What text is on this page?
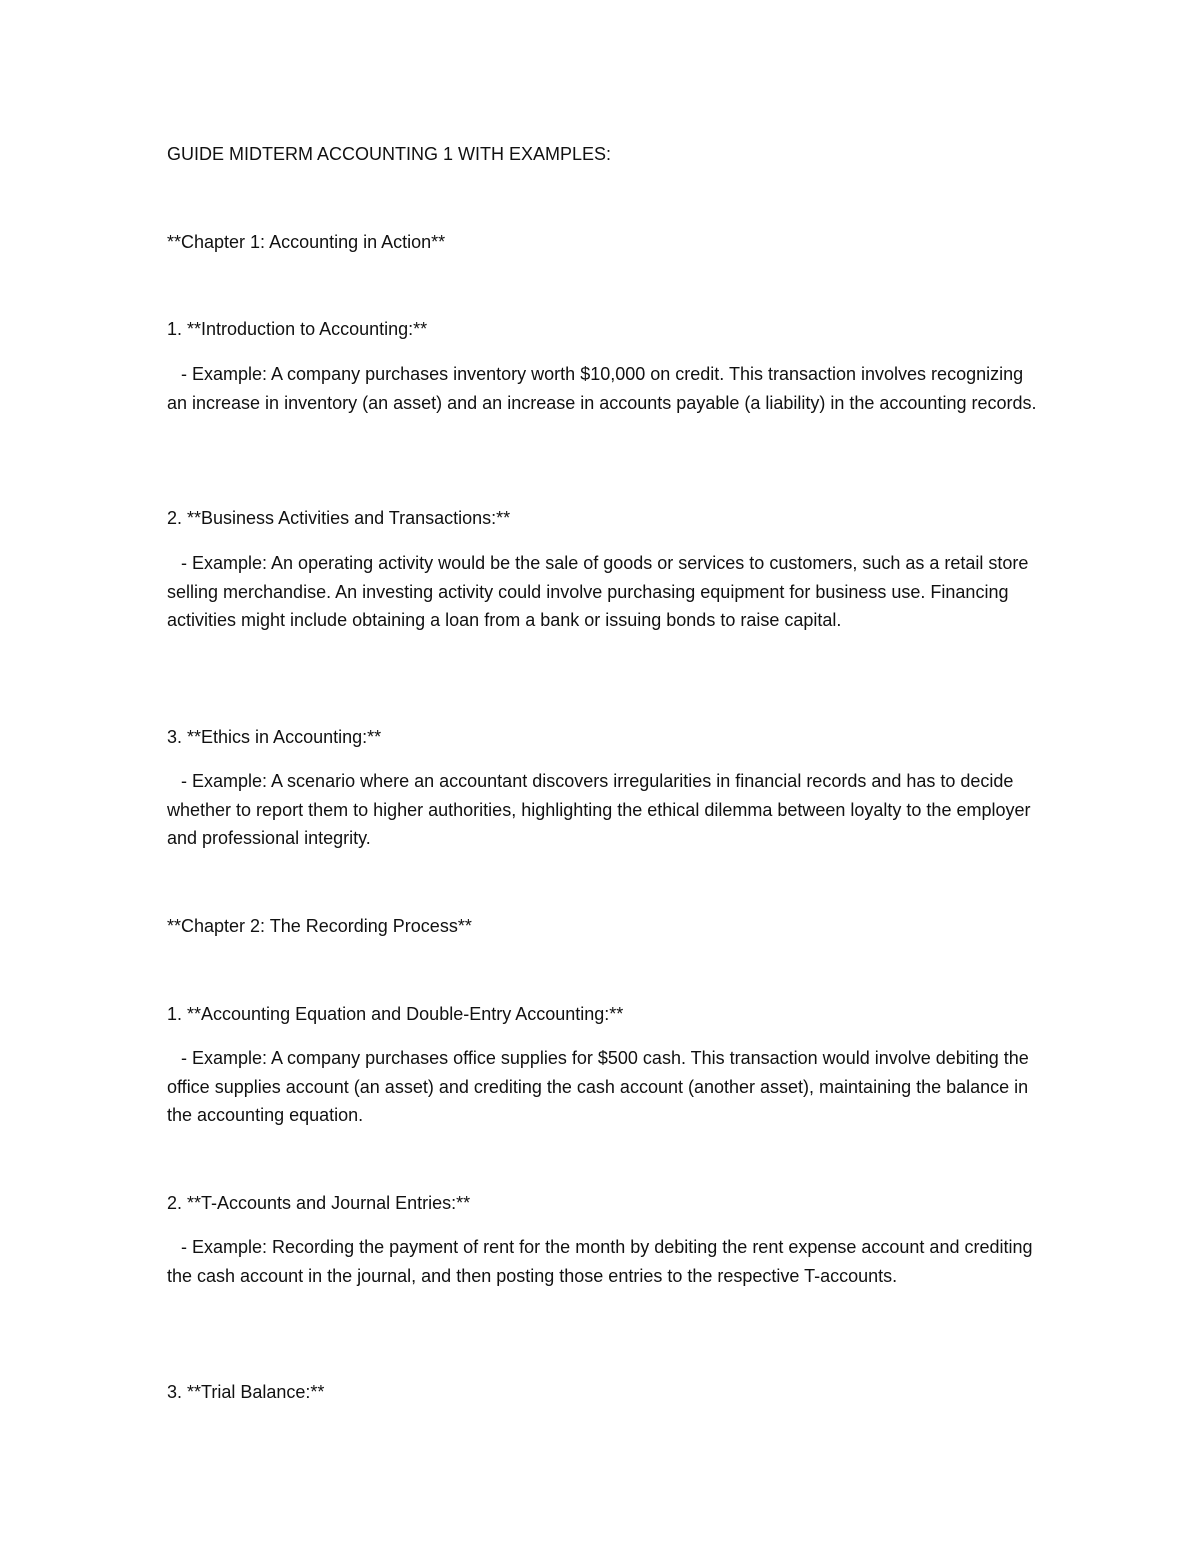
GUIDE MIDTERM ACCOUNTING 1 WITH EXAMPLES:
**Chapter 1: Accounting in Action**
1. **Introduction to Accounting:**
- Example: A company purchases inventory worth $10,000 on credit. This transaction involves recognizing an increase in inventory (an asset) and an increase in accounts payable (a liability) in the accounting records.
2. **Business Activities and Transactions:**
- Example: An operating activity would be the sale of goods or services to customers, such as a retail store selling merchandise. An investing activity could involve purchasing equipment for business use. Financing activities might include obtaining a loan from a bank or issuing bonds to raise capital.
3. **Ethics in Accounting:**
- Example: A scenario where an accountant discovers irregularities in financial records and has to decide whether to report them to higher authorities, highlighting the ethical dilemma between loyalty to the employer and professional integrity.
**Chapter 2: The Recording Process**
1. **Accounting Equation and Double-Entry Accounting:**
- Example: A company purchases office supplies for $500 cash. This transaction would involve debiting the office supplies account (an asset) and crediting the cash account (another asset), maintaining the balance in the accounting equation.
2. **T-Accounts and Journal Entries:**
- Example: Recording the payment of rent for the month by debiting the rent expense account and crediting the cash account in the journal, and then posting those entries to the respective T-accounts.
3. **Trial Balance:**
